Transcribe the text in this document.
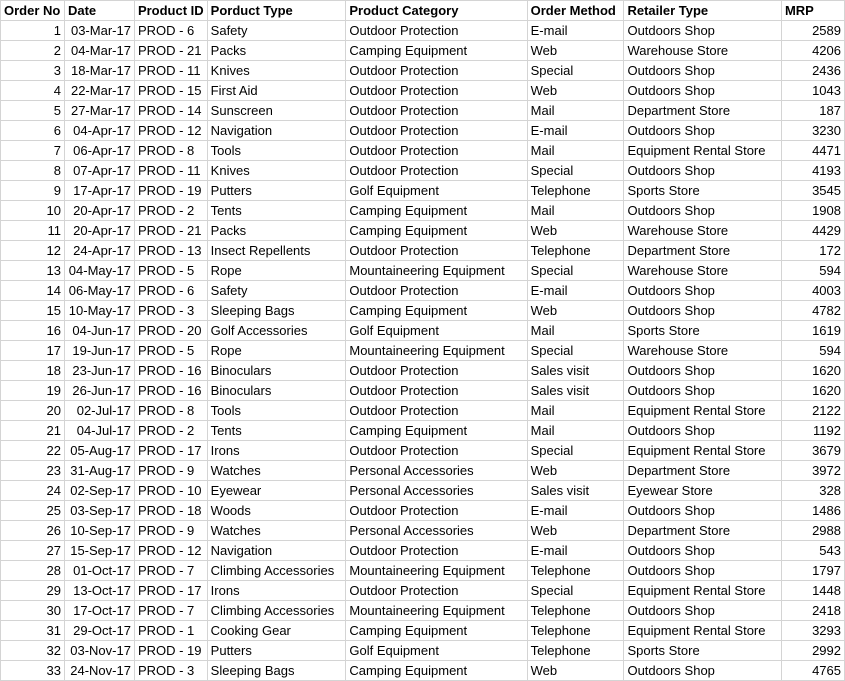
Order No	Date	Product ID	Porduct Type	Product Category	Order Method	Retailer Type	MRP
1	03-Mar-17	PROD - 6	Safety	Outdoor Protection	E-mail	Outdoors Shop	2589
2	04-Mar-17	PROD - 21	Packs	Camping Equipment	Web	Warehouse Store	4206
3	18-Mar-17	PROD - 11	Knives	Outdoor Protection	Special	Outdoors Shop	2436
4	22-Mar-17	PROD - 15	First Aid	Outdoor Protection	Web	Outdoors Shop	1043
5	27-Mar-17	PROD - 14	Sunscreen	Outdoor Protection	Mail	Department Store	187
6	04-Apr-17	PROD - 12	Navigation	Outdoor Protection	E-mail	Outdoors Shop	3230
7	06-Apr-17	PROD - 8	Tools	Outdoor Protection	Mail	Equipment Rental Store	4471
8	07-Apr-17	PROD - 11	Knives	Outdoor Protection	Special	Outdoors Shop	4193
9	17-Apr-17	PROD - 19	Putters	Golf Equipment	Telephone	Sports Store	3545
10	20-Apr-17	PROD - 2	Tents	Camping Equipment	Mail	Outdoors Shop	1908
11	20-Apr-17	PROD - 21	Packs	Camping Equipment	Web	Warehouse Store	4429
12	24-Apr-17	PROD - 13	Insect Repellents	Outdoor Protection	Telephone	Department Store	172
13	04-May-17	PROD - 5	Rope	Mountaineering Equipment	Special	Warehouse Store	594
14	06-May-17	PROD - 6	Safety	Outdoor Protection	E-mail	Outdoors Shop	4003
15	10-May-17	PROD - 3	Sleeping Bags	Camping Equipment	Web	Outdoors Shop	4782
16	04-Jun-17	PROD - 20	Golf Accessories	Golf Equipment	Mail	Sports Store	1619
17	19-Jun-17	PROD - 5	Rope	Mountaineering Equipment	Special	Warehouse Store	594
18	23-Jun-17	PROD - 16	Binoculars	Outdoor Protection	Sales visit	Outdoors Shop	1620
19	26-Jun-17	PROD - 16	Binoculars	Outdoor Protection	Sales visit	Outdoors Shop	1620
20	02-Jul-17	PROD - 8	Tools	Outdoor Protection	Mail	Equipment Rental Store	2122
21	04-Jul-17	PROD - 2	Tents	Camping Equipment	Mail	Outdoors Shop	1192
22	05-Aug-17	PROD - 17	Irons	Outdoor Protection	Special	Equipment Rental Store	3679
23	31-Aug-17	PROD - 9	Watches	Personal Accessories	Web	Department Store	3972
24	02-Sep-17	PROD - 10	Eyewear	Personal Accessories	Sales visit	Eyewear Store	328
25	03-Sep-17	PROD - 18	Woods	Outdoor Protection	E-mail	Outdoors Shop	1486
26	10-Sep-17	PROD - 9	Watches	Personal Accessories	Web	Department Store	2988
27	15-Sep-17	PROD - 12	Navigation	Outdoor Protection	E-mail	Outdoors Shop	543
28	01-Oct-17	PROD - 7	Climbing Accessories	Mountaineering Equipment	Telephone	Outdoors Shop	1797
29	13-Oct-17	PROD - 17	Irons	Outdoor Protection	Special	Equipment Rental Store	1448
30	17-Oct-17	PROD - 7	Climbing Accessories	Mountaineering Equipment	Telephone	Outdoors Shop	2418
31	29-Oct-17	PROD - 1	Cooking Gear	Camping Equipment	Telephone	Equipment Rental Store	3293
32	03-Nov-17	PROD - 19	Putters	Golf Equipment	Telephone	Sports Store	2992
33	24-Nov-17	PROD - 3	Sleeping Bags	Camping Equipment	Web	Outdoors Shop	4765
